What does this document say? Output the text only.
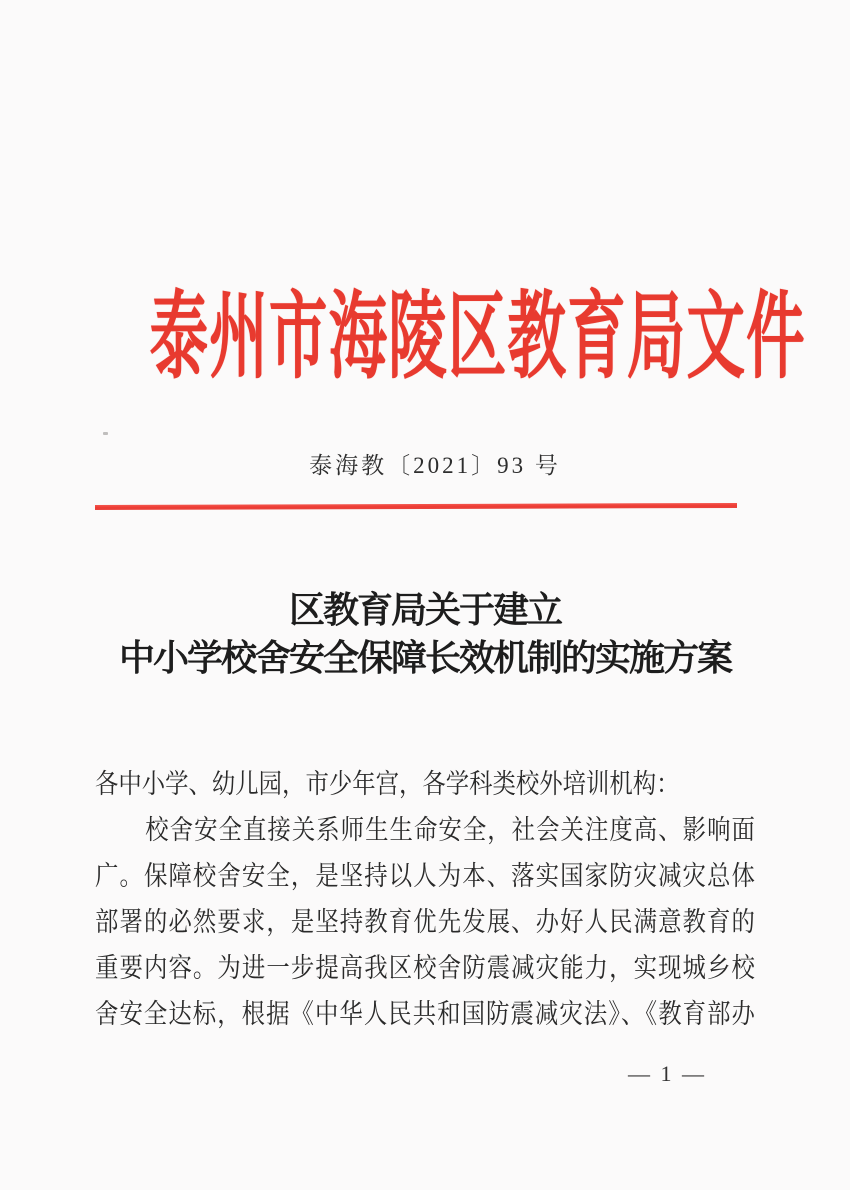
泰州市海陵区教育局文件
泰海教〔2021〕93 号
区教育局关于建立
中小学校舍安全保障长效机制的实施方案
各中小学、幼儿园，市少年宫，各学科类校外培训机构：
校舍安全直接关系师生生命安全，社会关注度高、影响面
广。保障校舍安全，是坚持以人为本、落实国家防灾减灾总体
部署的必然要求，是坚持教育优先发展、办好人民满意教育的
重要内容。为进一步提高我区校舍防震减灾能力，实现城乡校
舍安全达标，根据《中华人民共和国防震减灾法》、《教育部办
— 1 —
